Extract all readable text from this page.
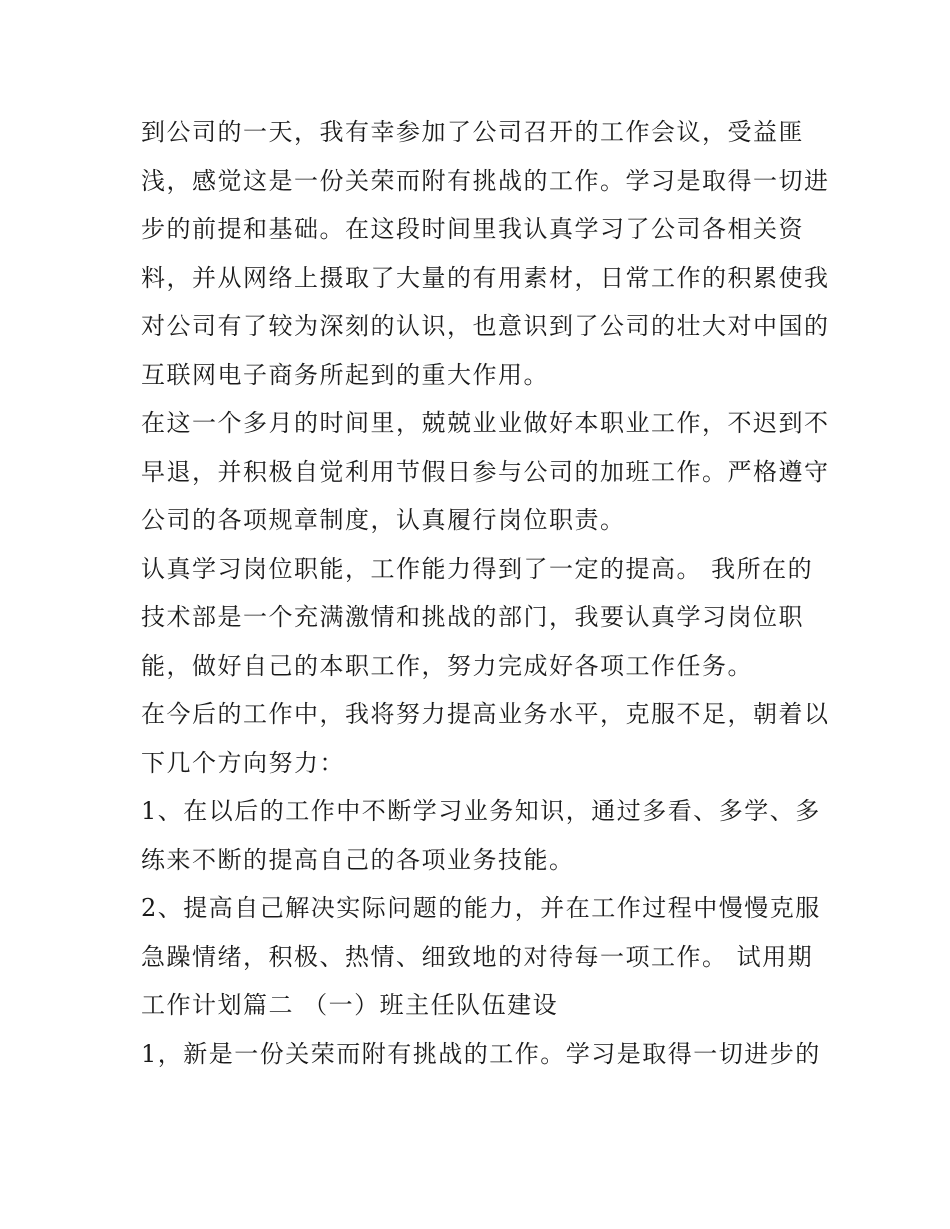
到公司的一天，我有幸参加了公司召开的工作会议，受益匪
浅，感觉这是一份关荣而附有挑战的工作。学习是取得一切进
步的前提和基础。在这段时间里我认真学习了公司各相关资
料，并从网络上摄取了大量的有用素材，日常工作的积累使我
对公司有了较为深刻的认识，也意识到了公司的壮大对中国的
互联网电子商务所起到的重大作用。
在这一个多月的时间里，兢兢业业做好本职业工作，不迟到不
早退，并积极自觉利用节假日参与公司的加班工作。严格遵守
公司的各项规章制度，认真履行岗位职责。
认真学习岗位职能，工作能力得到了一定的提高。 我所在的
技术部是一个充满激情和挑战的部门，我要认真学习岗位职
能，做好自己的本职工作，努力完成好各项工作任务。
在今后的工作中，我将努力提高业务水平，克服不足，朝着以
下几个方向努力：
1、在以后的工作中不断学习业务知识，通过多看、多学、多
练来不断的提高自己的各项业务技能。
2、提高自己解决实际问题的能力，并在工作过程中慢慢克服
急躁情绪，积极、热情、细致地的对待每一项工作。 试用期
工作计划篇二 （一）班主任队伍建设
1，新是一份关荣而附有挑战的工作。学习是取得一切进步的
